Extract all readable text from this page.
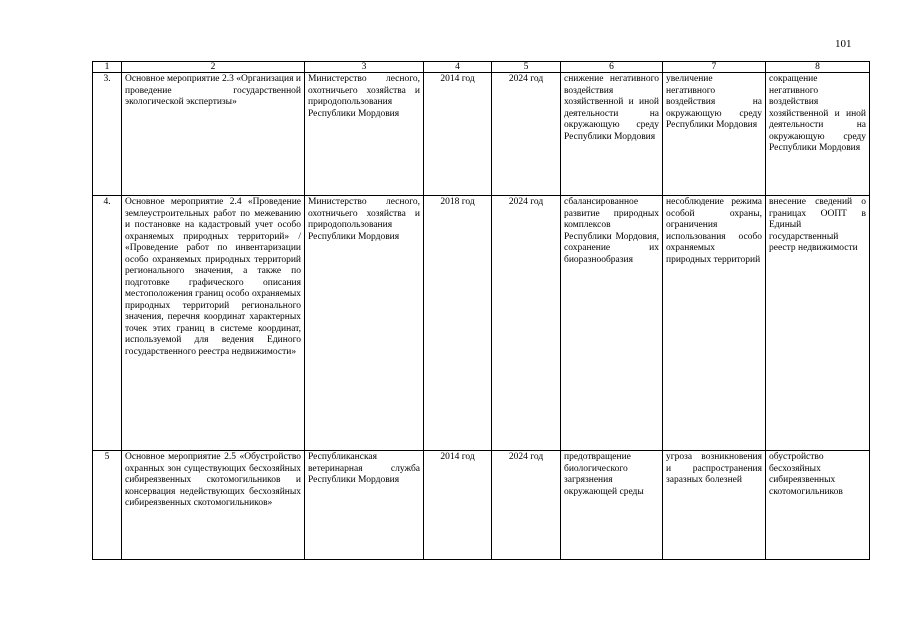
101
1	2	3	4	5	6	7	8
3.	Основное мероприятие 2.3 «Организация и проведение государственной экологической экспертизы»	Министерство лесного, охотничьего хозяйства и природопользования Республики Мордовия	2014 год	2024 год	снижение негативного воздействия хозяйственной и иной деятельности на окружающую среду Республики Мордовия	увеличение негативного воздействия на окружающую среду Республики Мордовия	сокращение негативного воздействия хозяйственной и иной деятельности на окружающую среду Республики Мордовия
4.	Основное мероприятие 2.4 «Проведение землеустроительных работ по межеванию и постановке на кадастровый учет особо охраняемых природных территорий» / «Проведение работ по инвентаризации особо охраняемых природных территорий регионального значения, а также по подготовке графического описания местоположения границ особо охраняемых природных территорий регионального значения, перечня координат характерных точек этих границ в системе координат, используемой для ведения Единого государственного реестра недвижимости»	Министерство лесного, охотничьего хозяйства и природопользования Республики Мордовия	2018 год	2024 год	сбалансированное развитие природных комплексов Республики Мордовия, сохранение их биоразнообразия	несоблюдение режима особой охраны, ограничения использования особо охраняемых природных территорий	внесение сведений о границах ООПТ в Единый государственный реестр недвижимости
5	Основное мероприятие 2.5 «Обустройство охранных зон существующих бесхозяйных сибиреязвенных скотомогильников и консервация недействующих бесхозяйных сибиреязвенных скотомогильников»	Республиканская ветеринарная служба Республики Мордовия	2014 год	2024 год	предотвращение биологического загрязнения окружающей среды	угроза возникновения и распространения заразных болезней	обустройство бесхозяйных сибиреязвенных скотомогильников
